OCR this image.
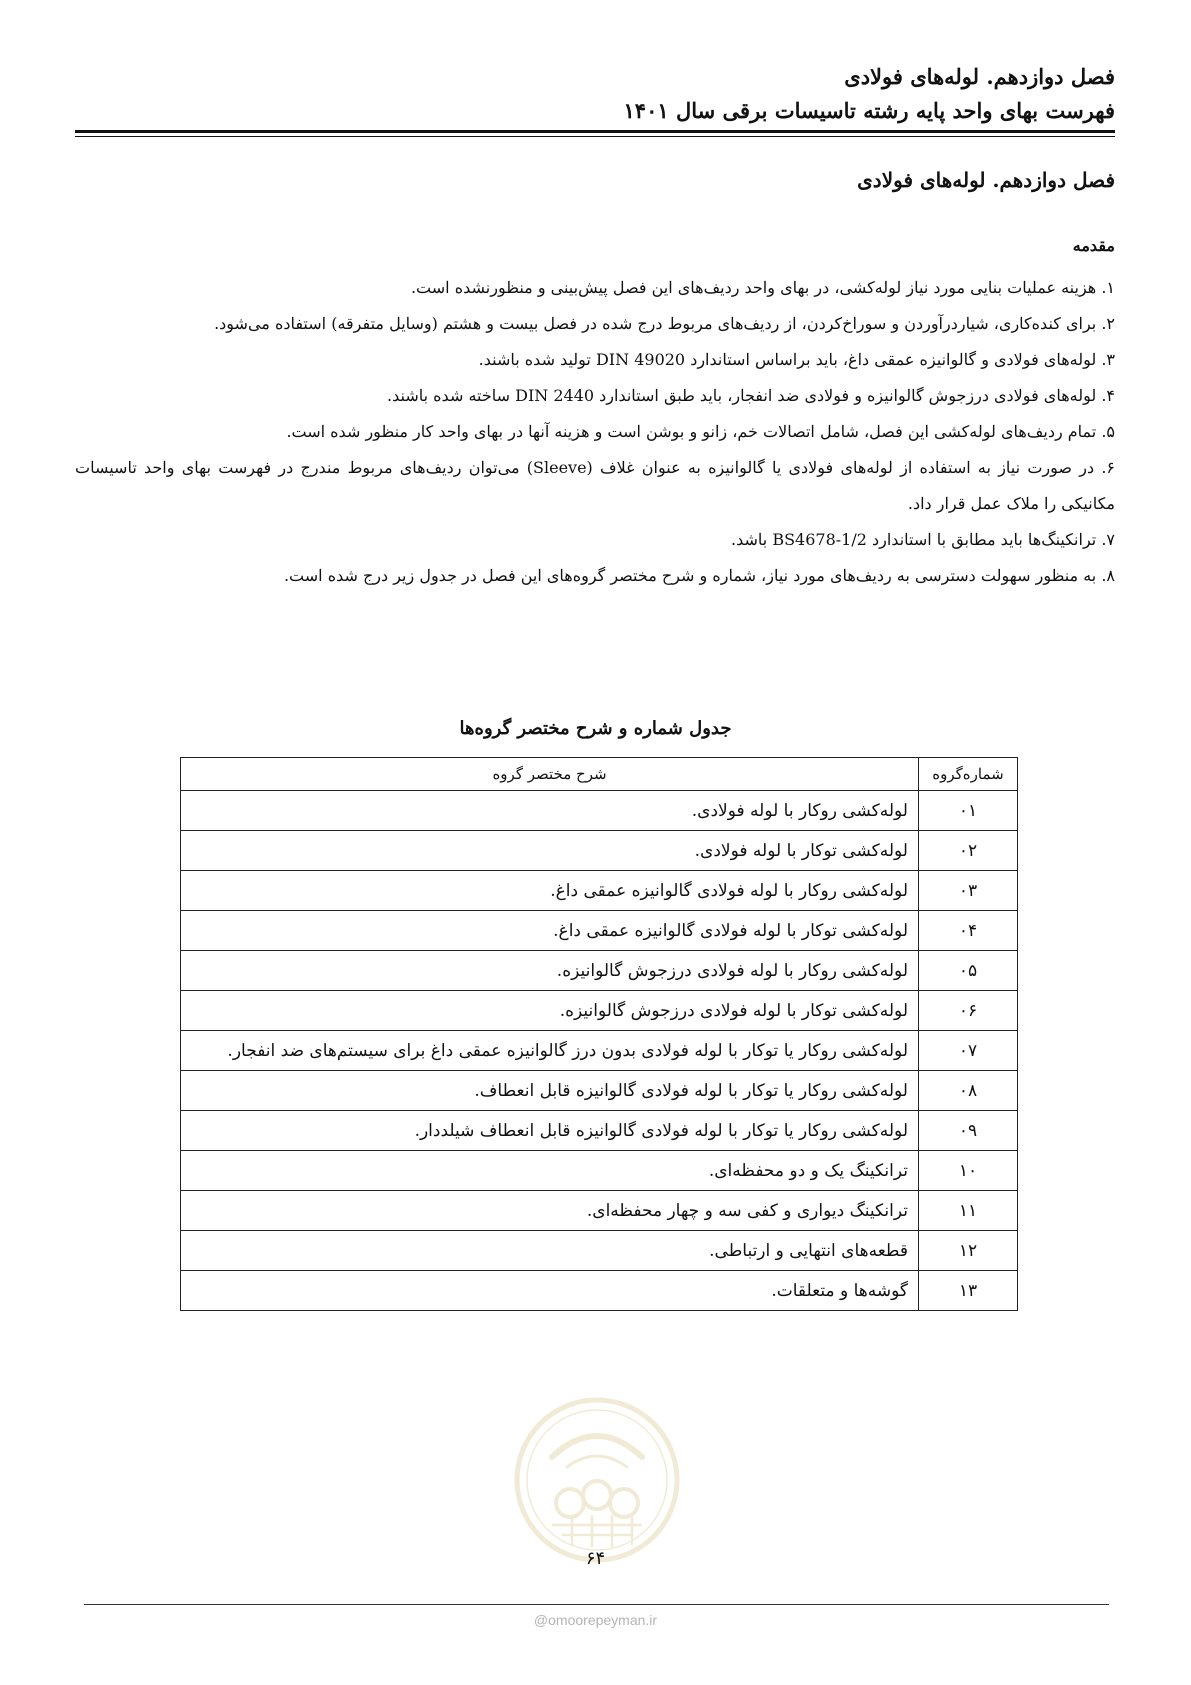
فصل دوازدهم. لوله‌های فولادی
فهرست بهای واحد پایه رشته تاسیسات برقی سال ۱۴۰۱
فصل دوازدهم. لوله‌های فولادی
مقدمه

۱. هزینه عملیات بنایی مورد نیاز لوله‌کشی، در بهای واحد ردیف‌های این فصل پیش‌بینی و منظورنشده است.

۲. برای کنده‌کاری، شیاردرآوردن و سوراخ‌کردن، از ردیف‌های مربوط درج شده در فصل بیست و هشتم (وسایل متفرقه) استفاده می‌شود.

۳. لوله‌های فولادی و گالوانیزه عمقی داغ، باید براساس استاندارد DIN 49020 تولید شده باشند.

۴. لوله‌های فولادی درزجوش گالوانیزه و فولادی ضد انفجار، باید طبق استاندارد DIN 2440 ساخته شده باشند.

۵. تمام ردیف‌های لوله‌کشی این فصل، شامل اتصالات خم، زانو و بوشن است و هزینه آنها در بهای واحد کار منظور شده است.

۶. در صورت نیاز به استفاده از لوله‌های فولادی یا گالوانیزه به عنوان غلاف (Sleeve) می‌توان ردیف‌های مربوط مندرج در فهرست بهای واحد تاسیسات مکانیکی را ملاک عمل قرار داد.

۷. ترانکینگ‌ها باید مطابق با استاندارد BS4678-1/2 باشد.

۸. به منظور سهولت دسترسی به ردیف‌های مورد نیاز، شماره و شرح مختصر گروه‌های این فصل در جدول زیر درج شده است.

جدول شماره و شرح مختصر گروه‌ها
شماره‌گروه	شرح مختصر گروه
۰۱	لوله‌کشی روکار با لوله فولادی.
۰۲	لوله‌کشی توکار با لوله فولادی.
۰۳	لوله‌کشی روکار با لوله فولادی گالوانیزه عمقی داغ.
۰۴	لوله‌کشی توکار با لوله فولادی گالوانیزه عمقی داغ.
۰۵	لوله‌کشی روکار با لوله فولادی درزجوش گالوانیزه.
۰۶	لوله‌کشی توکار با لوله فولادی درزجوش گالوانیزه.
۰۷	لوله‌کشی روکار یا توکار با لوله فولادی بدون درز گالوانیزه عمقی داغ برای سیستم‌های ضد انفجار.
۰۸	لوله‌کشی روکار یا توکار با لوله فولادی گالوانیزه قابل انعطاف.
۰۹	لوله‌کشی روکار یا توکار با لوله فولادی گالوانیزه قابل انعطاف شیلددار.
۱۰	ترانکینگ یک و دو محفظه‌ای.
۱۱	ترانکینگ دیواری و کفی سه و چهار محفظه‌ای.
۱۲	قطعه‌های انتهایی و ارتباطی.
۱۳	گوشه‌ها و متعلقات.
۶۴
@omoorepeyman.ir
